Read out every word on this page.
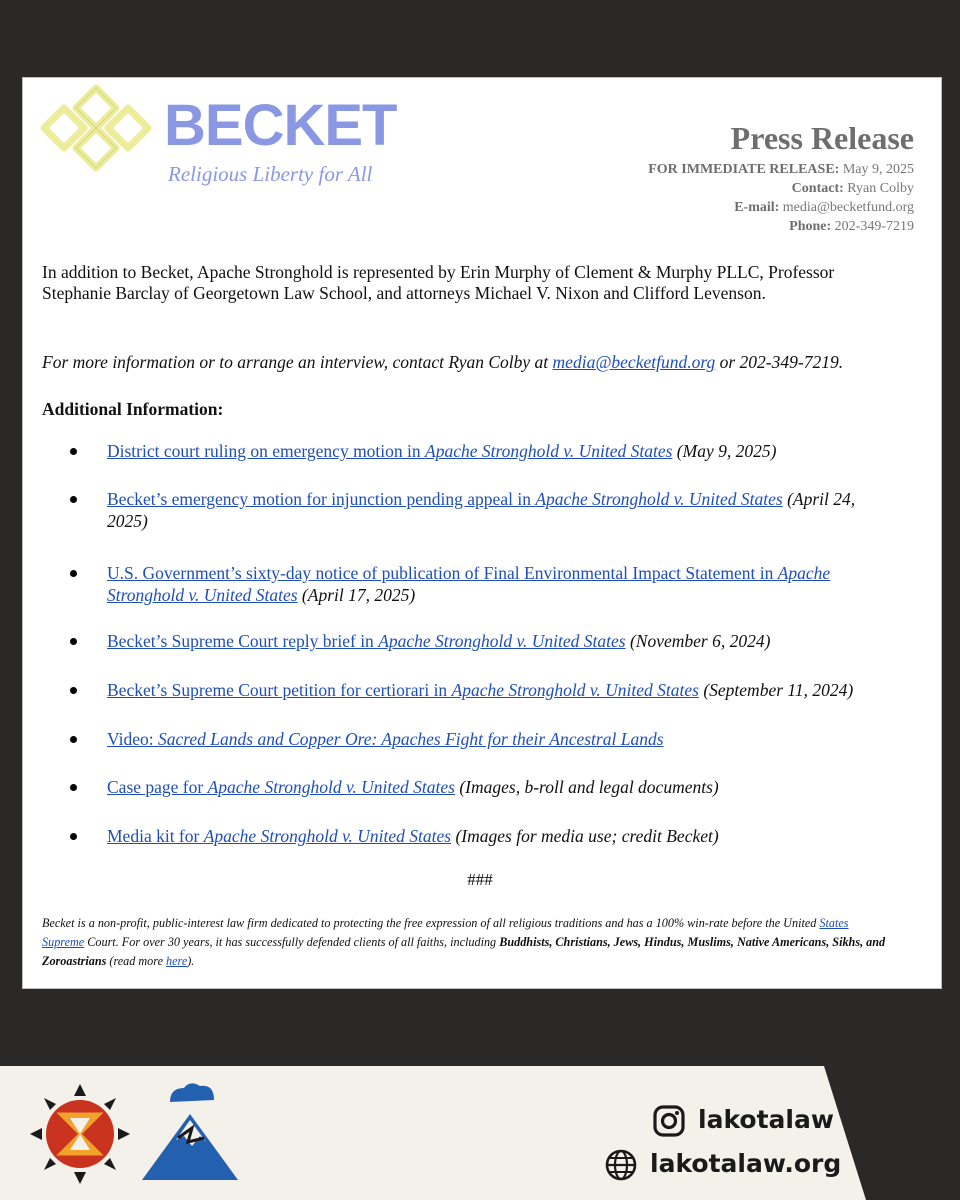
BECKET
Religious Liberty for All
Press Release
FOR IMMEDIATE RELEASE: May 9, 2025
Contact: Ryan Colby
E-mail: media@becketfund.org
Phone: 202-349-7219

In addition to Becket, Apache Stronghold is represented by Erin Murphy of Clement & Murphy PLLC, Professor Stephanie Barclay of Georgetown Law School, and attorneys Michael V. Nixon and Clifford Levenson.

For more information or to arrange an interview, contact Ryan Colby at media@becketfund.org or 202-349-7219.

Additional Information:
District court ruling on emergency motion in Apache Stronghold v. United States (May 9, 2025)
Becket’s emergency motion for injunction pending appeal in Apache Stronghold v. United States (April 24, 2025)
U.S. Government’s sixty-day notice of publication of Final Environmental Impact Statement in Apache Stronghold v. United States (April 17, 2025)
Becket’s Supreme Court reply brief in Apache Stronghold v. United States (November 6, 2024)
Becket’s Supreme Court petition for certiorari in Apache Stronghold v. United States (September 11, 2024)
Video: Sacred Lands and Copper Ore: Apaches Fight for their Ancestral Lands
Case page for Apache Stronghold v. United States (Images, b-roll and legal documents)
Media kit for Apache Stronghold v. United States (Images for media use; credit Becket)
###

Becket is a non-profit, public-interest law firm dedicated to protecting the free expression of all religious traditions and has a 100% win-rate before the United States Supreme Court. For over 30 years, it has successfully defended clients of all faiths, including Buddhists, Christians, Jews, Hindus, Muslims, Native Americans, Sikhs, and Zoroastrians (read more here).

lakotalaw
lakotalaw.org
